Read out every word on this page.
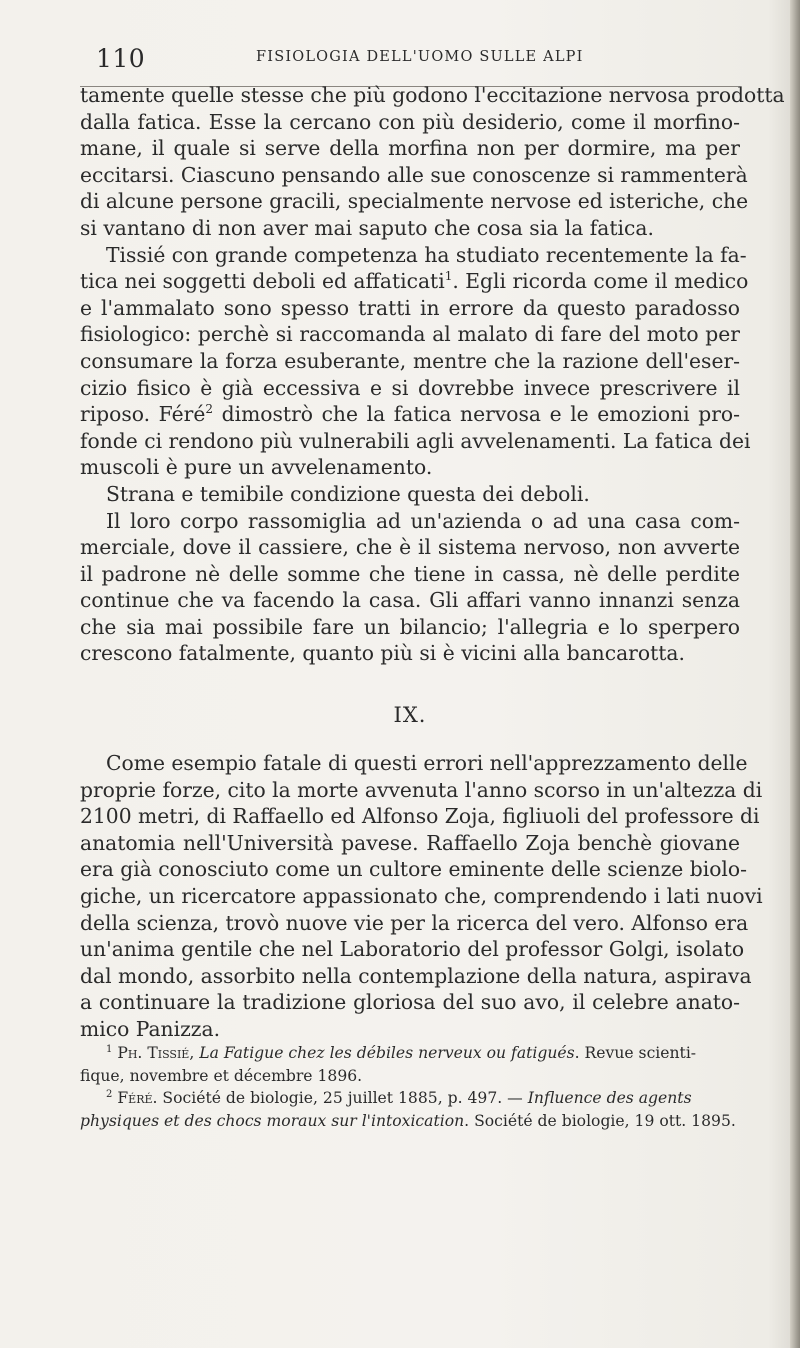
110	FISIOLOGIA DELL'UOMO SULLE ALPI
tamente quelle stesse che più godono l'eccitazione nervosa prodotta
dalla fatica. Esse la cercano con più desiderio, come il morfino-
mane, il quale si serve della morfina non per dormire, ma per
eccitarsi. Ciascuno pensando alle sue conoscenze si rammenterà
di alcune persone gracili, specialmente nervose ed isteriche, che
si vantano di non aver mai saputo che cosa sia la fatica.
Tissié con grande competenza ha studiato recentemente la fa-
tica nei soggetti deboli ed affaticati$^1$. Egli ricorda come il medico
e l'ammalato sono spesso tratti in errore da questo paradosso
fisiologico: perchè si raccomanda al malato di fare del moto per
consumare la forza esuberante, mentre che la razione dell'eser-
cizio fisico è già eccessiva e si dovrebbe invece prescrivere il
riposo. Féré$^2$ dimostrò che la fatica nervosa e le emozioni pro-
fonde ci rendono più vulnerabili agli avvelenamenti. La fatica dei
muscoli è pure un avvelenamento.
Strana e temibile condizione questa dei deboli.
Il loro corpo rassomiglia ad un'azienda o ad una casa com-
merciale, dove il cassiere, che è il sistema nervoso, non avverte
il padrone nè delle somme che tiene in cassa, nè delle perdite
continue che va facendo la casa. Gli affari vanno innanzi senza
che sia mai possibile fare un bilancio; l'allegria e lo sperpero
crescono fatalmente, quanto più si è vicini alla bancarotta.
IX.
Come esempio fatale di questi errori nell'apprezzamento delle
proprie forze, cito la morte avvenuta l'anno scorso in un'altezza di
2100 metri, di Raffaello ed Alfonso Zoja, figliuoli del professore di
anatomia nell'Università pavese. Raffaello Zoja benchè giovane
era già conosciuto come un cultore eminente delle scienze biolo-
giche, un ricercatore appassionato che, comprendendo i lati nuovi
della scienza, trovò nuove vie per la ricerca del vero. Alfonso era
un'anima gentile che nel Laboratorio del professor Golgi, isolato
dal mondo, assorbito nella contemplazione della natura, aspirava
a continuare la tradizione gloriosa del suo avo, il celebre anato-
mico Panizza.
$^1$ Ph. Tissié, La Fatigue chez les débiles nerveux ou fatigués. Revue scienti-
fique, novembre et décembre 1896.
$^2$ Féré. Société de biologie, 25 juillet 1885, p. 497. — Influence des agents
physiques et des chocs moraux sur l'intoxication. Société de biologie, 19 ott. 1895.
